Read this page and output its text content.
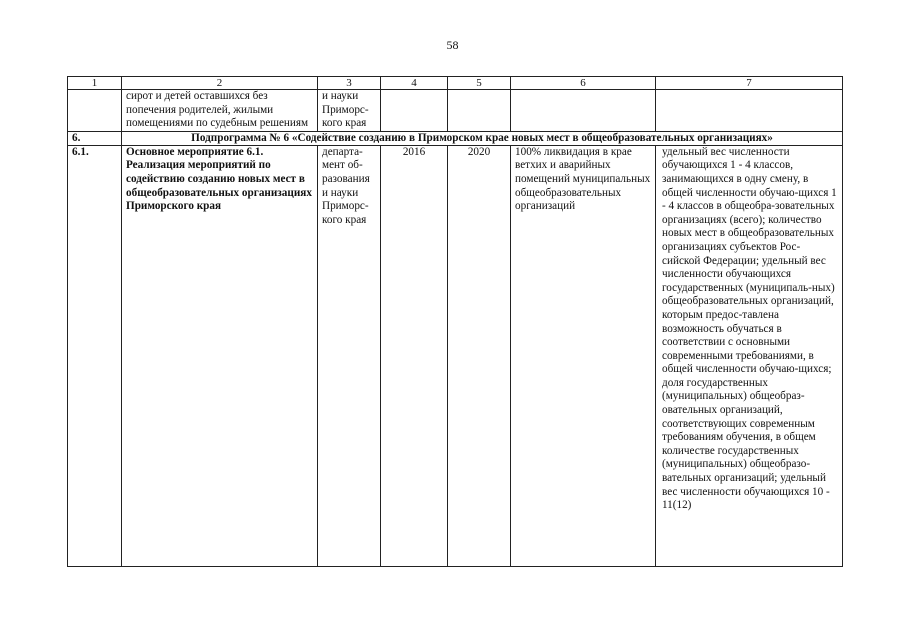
58
1	2	3	4	5	6	7
	сирот и детей оставшихся без попечения родителей, жилыми помещениями по судебным решениям	и науки Приморс-кого края				
6.	Подпрограмма № 6 «Содействие созданию в Приморском крае новых мест в общеобразовательных организациях»					
6.1.	Основное мероприятие 6.1. Реализация мероприятий по содействию созданию новых мест в общеобразовательных организациях Приморского края	департа-мент об-разования и науки Приморс-кого края	2016	2020	100% ликвидация в крае ветхих и аварийных помещений муниципальных общеобразовательных организаций	удельный вес численности обучающихся 1 - 4 классов, занимающихся в одну смену, в общей численности обучаю-щихся 1 - 4 классов в общеобра-зовательных организациях (всего); количество новых мест в общеобразовательных организациях субъектов Рос-сийской Федерации; удельный вес численности обучающихся государственных (муниципаль-ных) общеобразовательных организаций, которым предос-тавлена возможность обучаться в соответствии с основными современными требованиями, в общей численности обучаю-щихся; доля государственных (муниципальных) общеобраз-овательных организаций, соответствующих современным требованиям обучения, в общем количестве государственных (муниципальных) общеобразо-вательных организаций; удельный вес численности обучающихся 10 - 11(12)
